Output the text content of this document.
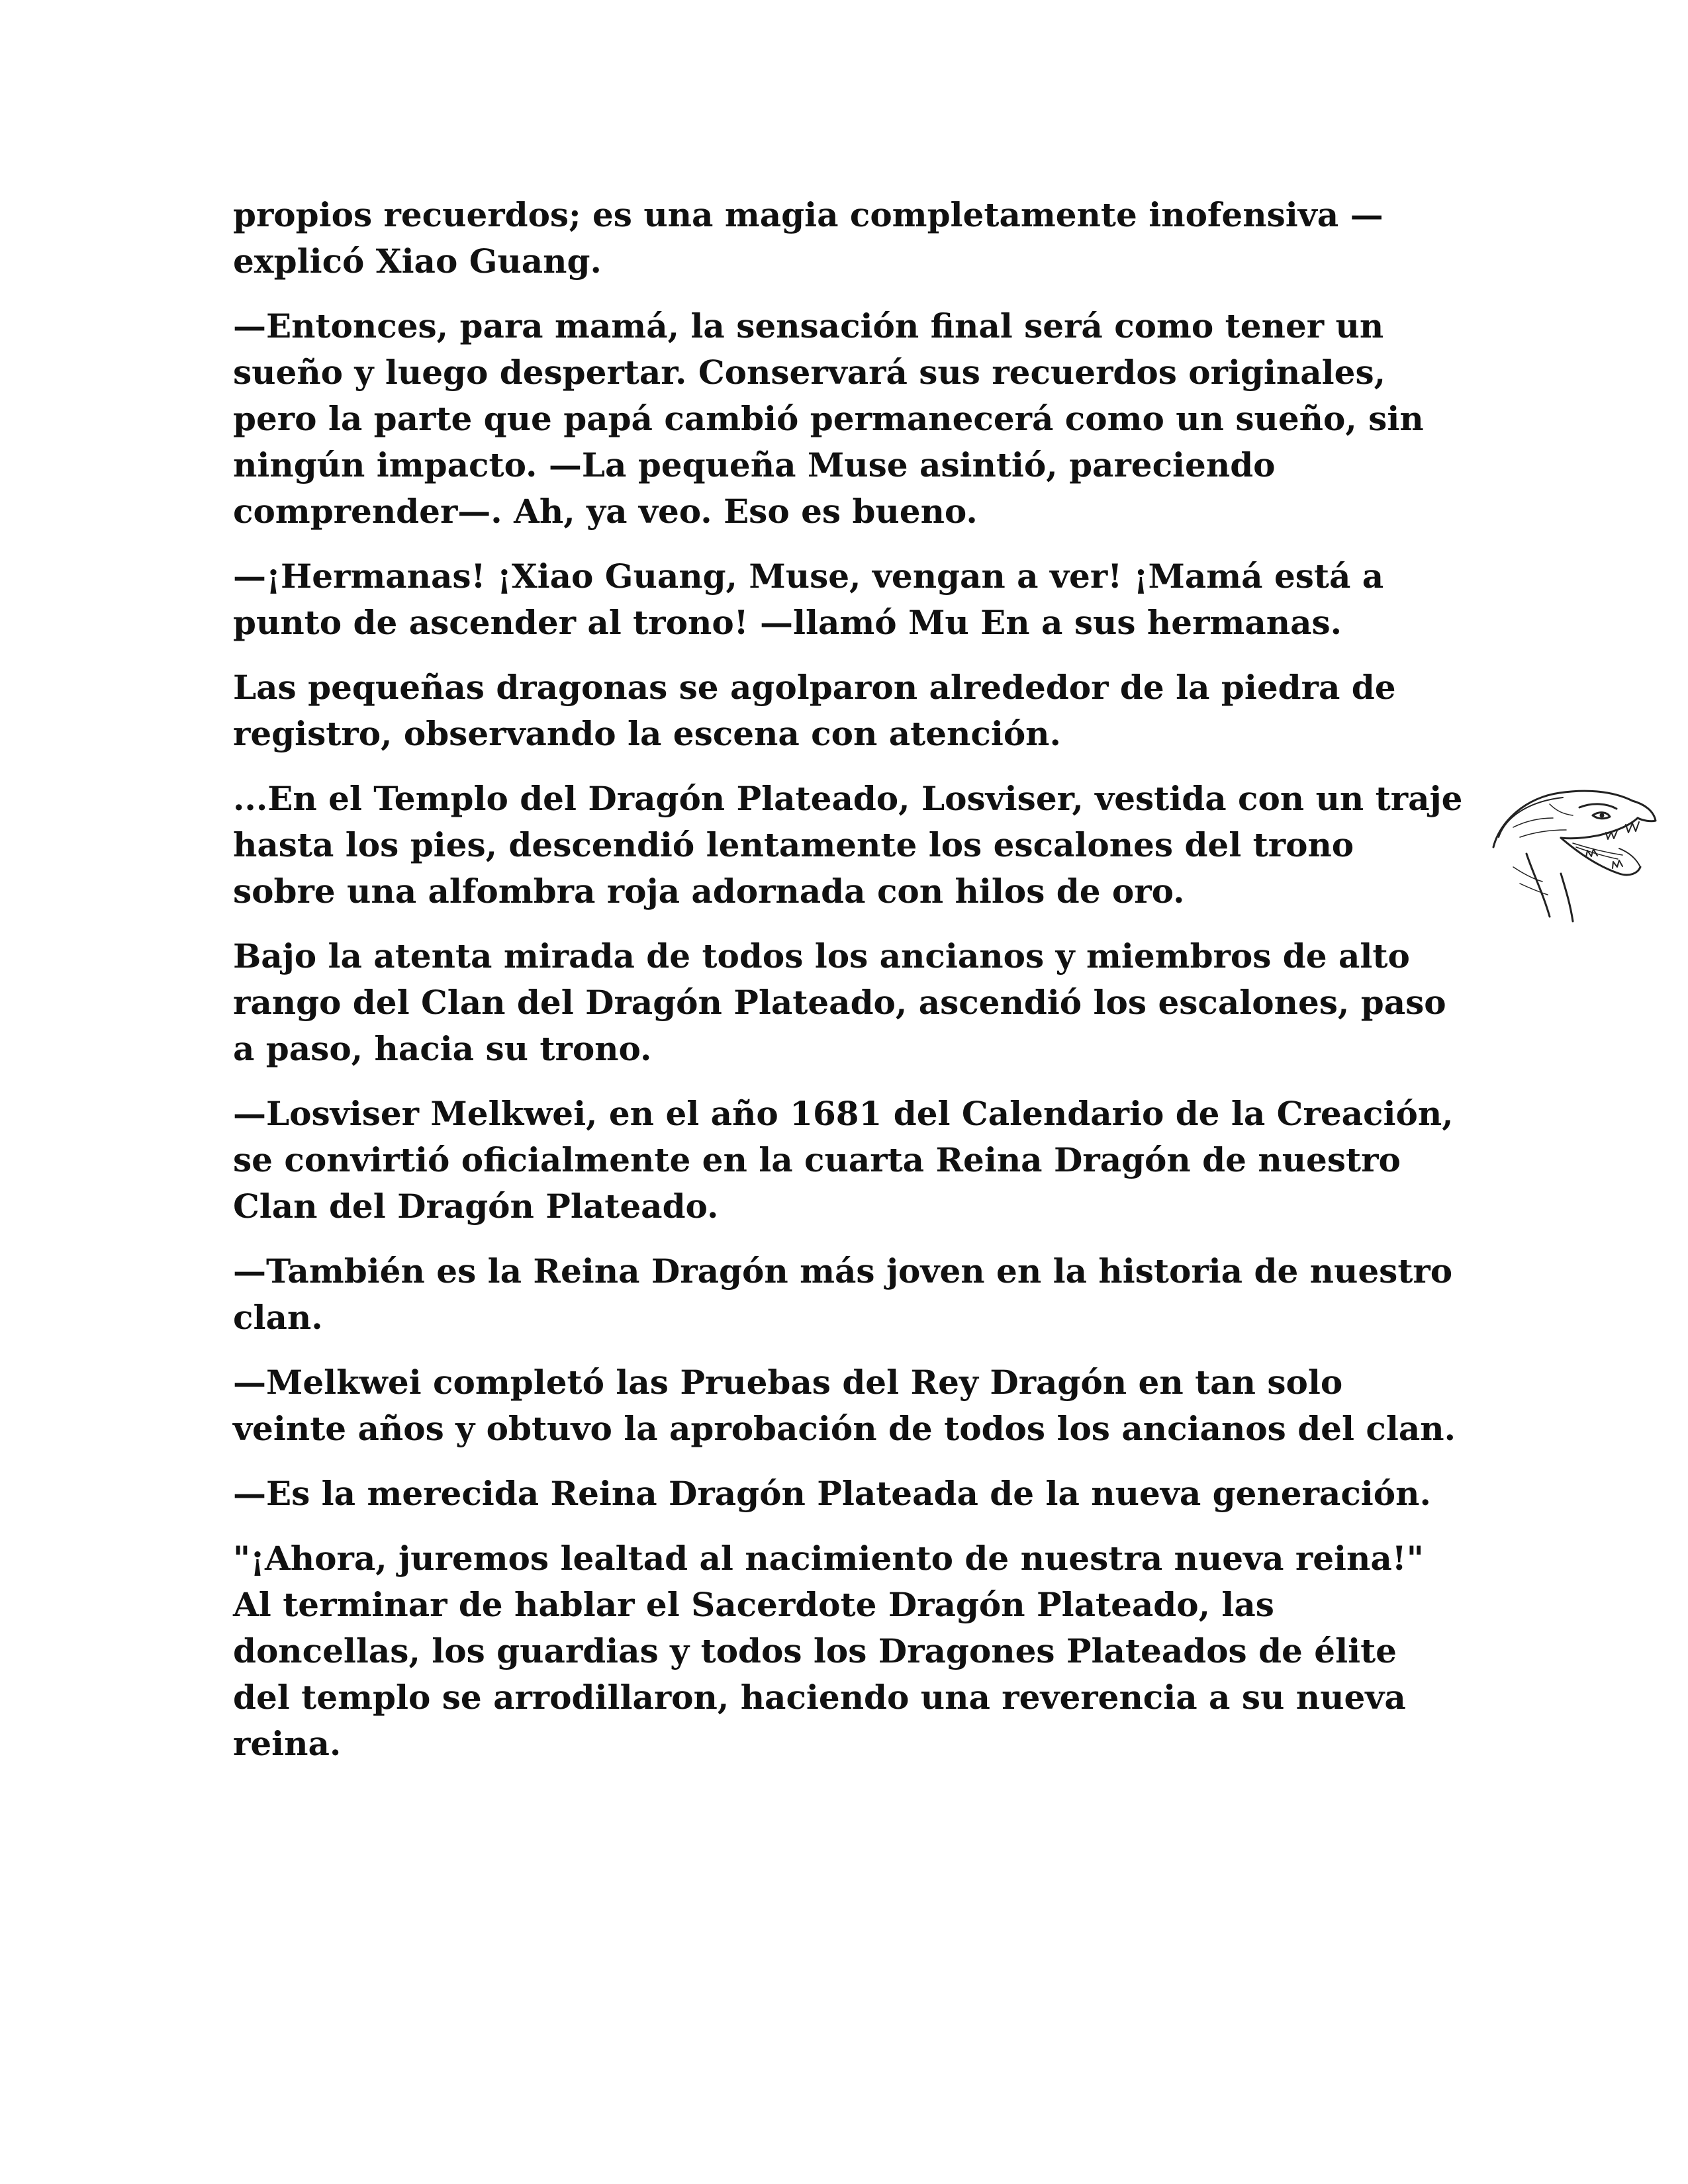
propios recuerdos; es una magia completamente inofensiva —explicó Xiao Guang.

—Entonces, para mamá, la sensación final será como tener un sueño y luego despertar. Conservará sus recuerdos originales, pero la parte que papá cambió permanecerá como un sueño, sin ningún impacto. —La pequeña Muse asintió, pareciendo comprender—. Ah, ya veo. Eso es bueno.

—¡Hermanas! ¡Xiao Guang, Muse, vengan a ver! ¡Mamá está a punto de ascender al trono! —llamó Mu En a sus hermanas.

Las pequeñas dragonas se agolparon alrededor de la piedra de registro, observando la escena con atención.

...En el Templo del Dragón Plateado, Losviser, vestida con un traje hasta los pies, descendió lentamente los escalones del trono sobre una alfombra roja adornada con hilos de oro.

Bajo la atenta mirada de todos los ancianos y miembros de alto rango del Clan del Dragón Plateado, ascendió los escalones, paso a paso, hacia su trono.

—Losviser Melkwei, en el año 1681 del Calendario de la Creación, se convirtió oficialmente en la cuarta Reina Dragón de nuestro Clan del Dragón Plateado.

—También es la Reina Dragón más joven en la historia de nuestro clan.

—Melkwei completó las Pruebas del Rey Dragón en tan solo veinte años y obtuvo la aprobación de todos los ancianos del clan.

—Es la merecida Reina Dragón Plateada de la nueva generación.

"¡Ahora, juremos lealtad al nacimiento de nuestra nueva reina!" Al terminar de hablar el Sacerdote Dragón Plateado, las doncellas, los guardias y todos los Dragones Plateados de élite del templo se arrodillaron, haciendo una reverencia a su nueva reina.
